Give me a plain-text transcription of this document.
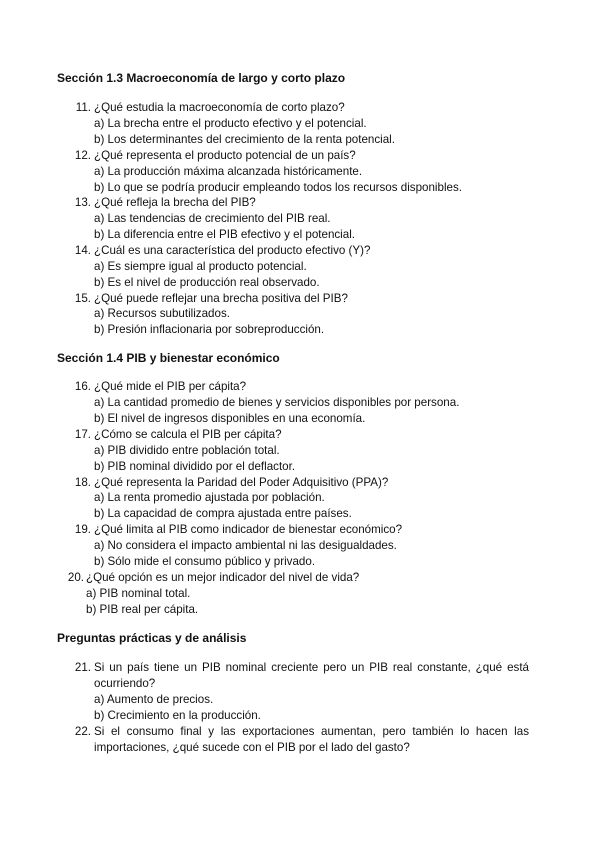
Sección 1.3 Macroeconomía de largo y corto plazo
11. ¿Qué estudia la macroeconomía de corto plazo?
a) La brecha entre el producto efectivo y el potencial.
b) Los determinantes del crecimiento de la renta potencial.
12. ¿Qué representa el producto potencial de un país?
a) La producción máxima alcanzada históricamente.
b) Lo que se podría producir empleando todos los recursos disponibles.
13. ¿Qué refleja la brecha del PIB?
a) Las tendencias de crecimiento del PIB real.
b) La diferencia entre el PIB efectivo y el potencial.
14. ¿Cuál es una característica del producto efectivo (Y)?
a) Es siempre igual al producto potencial.
b) Es el nivel de producción real observado.
15. ¿Qué puede reflejar una brecha positiva del PIB?
a) Recursos subutilizados.
b) Presión inflacionaria por sobreproducción.
Sección 1.4 PIB y bienestar económico
16. ¿Qué mide el PIB per cápita?
a) La cantidad promedio de bienes y servicios disponibles por persona.
b) El nivel de ingresos disponibles en una economía.
17. ¿Cómo se calcula el PIB per cápita?
a) PIB dividido entre población total.
b) PIB nominal dividido por el deflactor.
18. ¿Qué representa la Paridad del Poder Adquisitivo (PPA)?
a) La renta promedio ajustada por población.
b) La capacidad de compra ajustada entre países.
19. ¿Qué limita al PIB como indicador de bienestar económico?
a) No considera el impacto ambiental ni las desigualdades.
b) Sólo mide el consumo público y privado.
20. ¿Qué opción es un mejor indicador del nivel de vida?
a) PIB nominal total.
b) PIB real per cápita.
Preguntas prácticas y de análisis
21. Si un país tiene un PIB nominal creciente pero un PIB real constante, ¿qué está
ocurriendo?
a) Aumento de precios.
b) Crecimiento en la producción.
22. Si el consumo final y las exportaciones aumentan, pero también lo hacen las
importaciones, ¿qué sucede con el PIB por el lado del gasto?
